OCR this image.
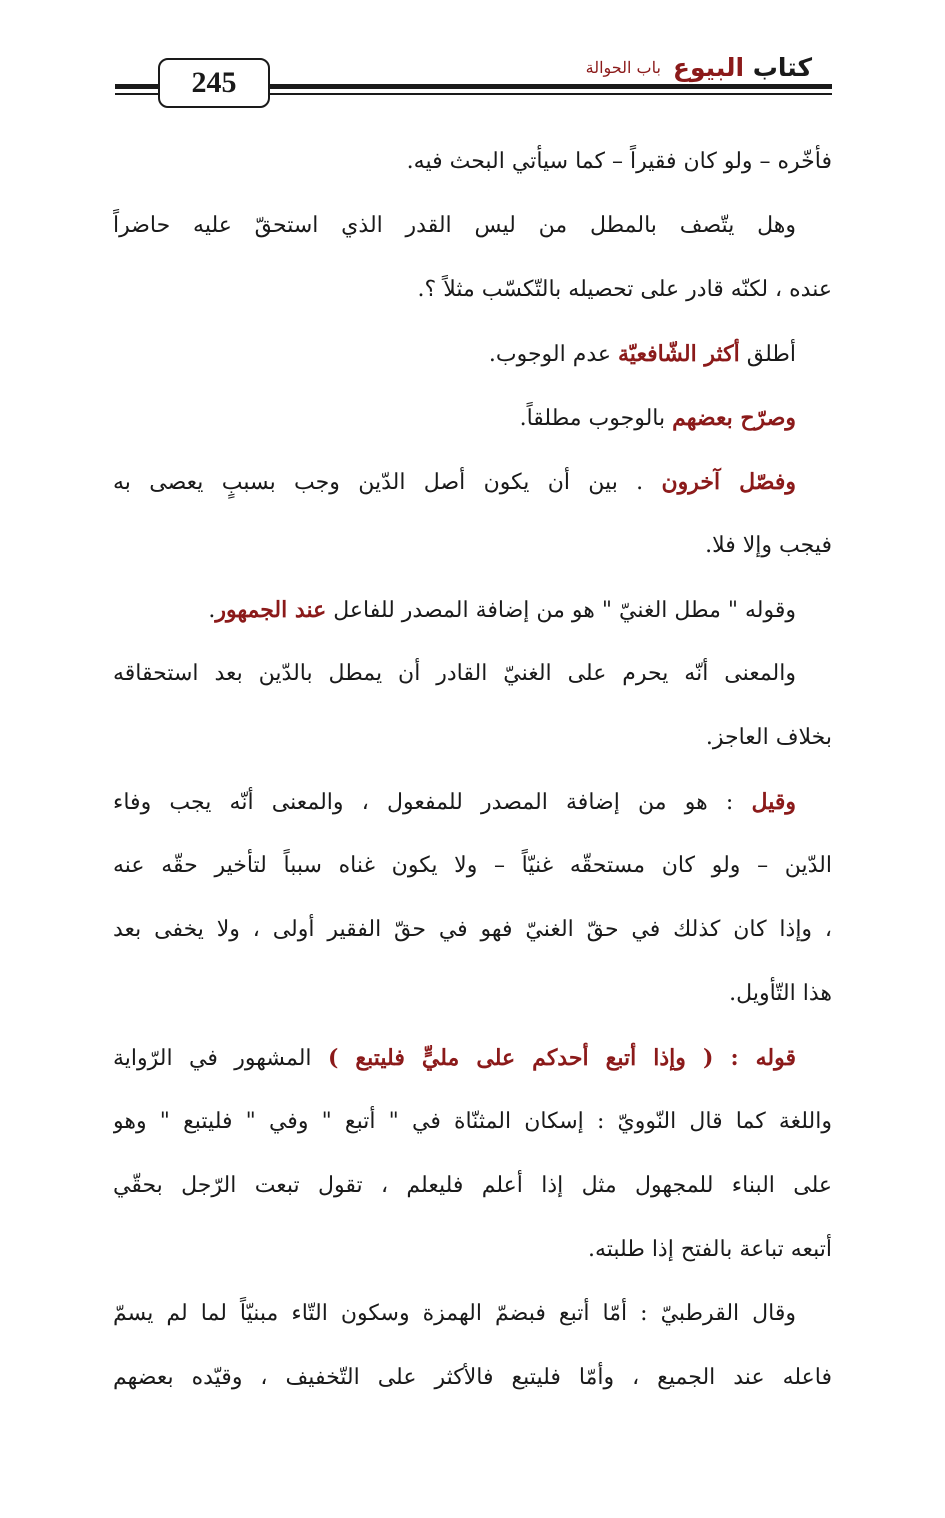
245	كتاب البيوع
باب الحوالة
فأخّره – ولو كان فقيراً – كما سيأتي البحث فيه.
وهل يتّصف بالمطل من ليس القدر الذي استحقّ عليه حاضراً
عنده ، لكنّه قادر على تحصيله بالتّكسّب مثلاً ؟.
أطلق أكثر الشّافعيّة عدم الوجوب.
وصرّح بعضهم بالوجوب مطلقاً.
وفصّل آخرون . بين أن يكون أصل الدّين وجب بسببٍ يعصى به
فيجب وإلا فلا.
وقوله " مطل الغنيّ " هو من إضافة المصدر للفاعل عند الجمهور.
والمعنى أنّه يحرم على الغنيّ القادر أن يمطل بالدّين بعد استحقاقه
بخلاف العاجز.
وقيل : هو من إضافة المصدر للمفعول ، والمعنى أنّه يجب وفاء
الدّين – ولو كان مستحقّه غنيّاً – ولا يكون غناه سبباً لتأخير حقّه عنه
، وإذا كان كذلك في حقّ الغنيّ فهو في حقّ الفقير أولى ، ولا يخفى بعد
هذا التّأويل.
قوله : ( وإذا أتبع أحدكم على مليٍّ فليتبع ) المشهور في الرّواية
واللغة كما قال النّوويّ : إسكان المثنّاة في " أتبع " وفي " فليتبع " وهو
على البناء للمجهول مثل إذا أعلم فليعلم ، تقول تبعت الرّجل بحقّي
أتبعه تباعة بالفتح إذا طلبته.
وقال القرطبيّ : أمّا أتبع فبضمّ الهمزة وسكون التّاء مبنيّاً لما لم يسمّ
فاعله عند الجميع ، وأمّا فليتبع فالأكثر على التّخفيف ، وقيّده بعضهم
